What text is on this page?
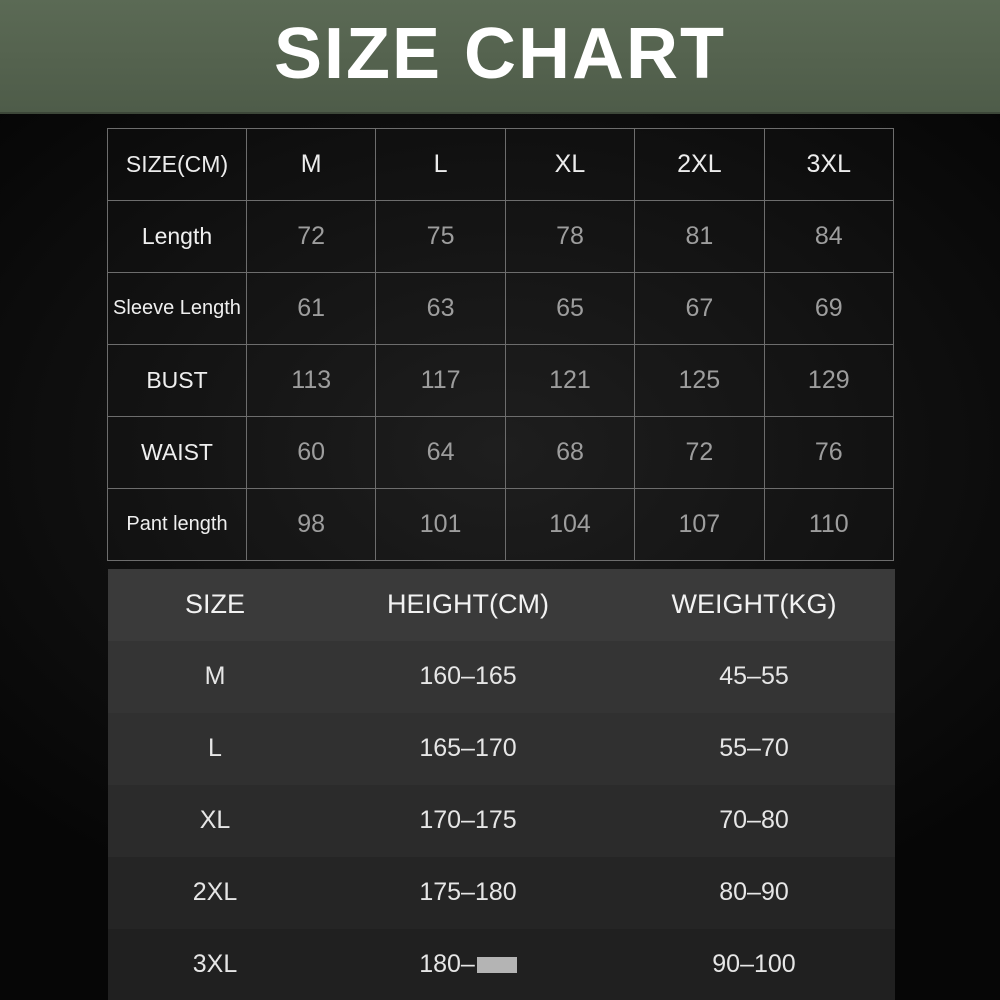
SIZE CHART
SIZE(CM)	M	L	XL	2XL	3XL
Length	72	75	78	81	84
Sleeve Length	61	63	65	67	69
BUST	113	117	121	125	129
WAIST	60	64	68	72	76
Pant length	98	101	104	107	110
SIZE	HEIGHT(CM)	WEIGHT(KG)
M	160–165	45–55
L	165–170	55–70
XL	170–175	70–80
2XL	175–180	80–90
3XL	180–	90–100
